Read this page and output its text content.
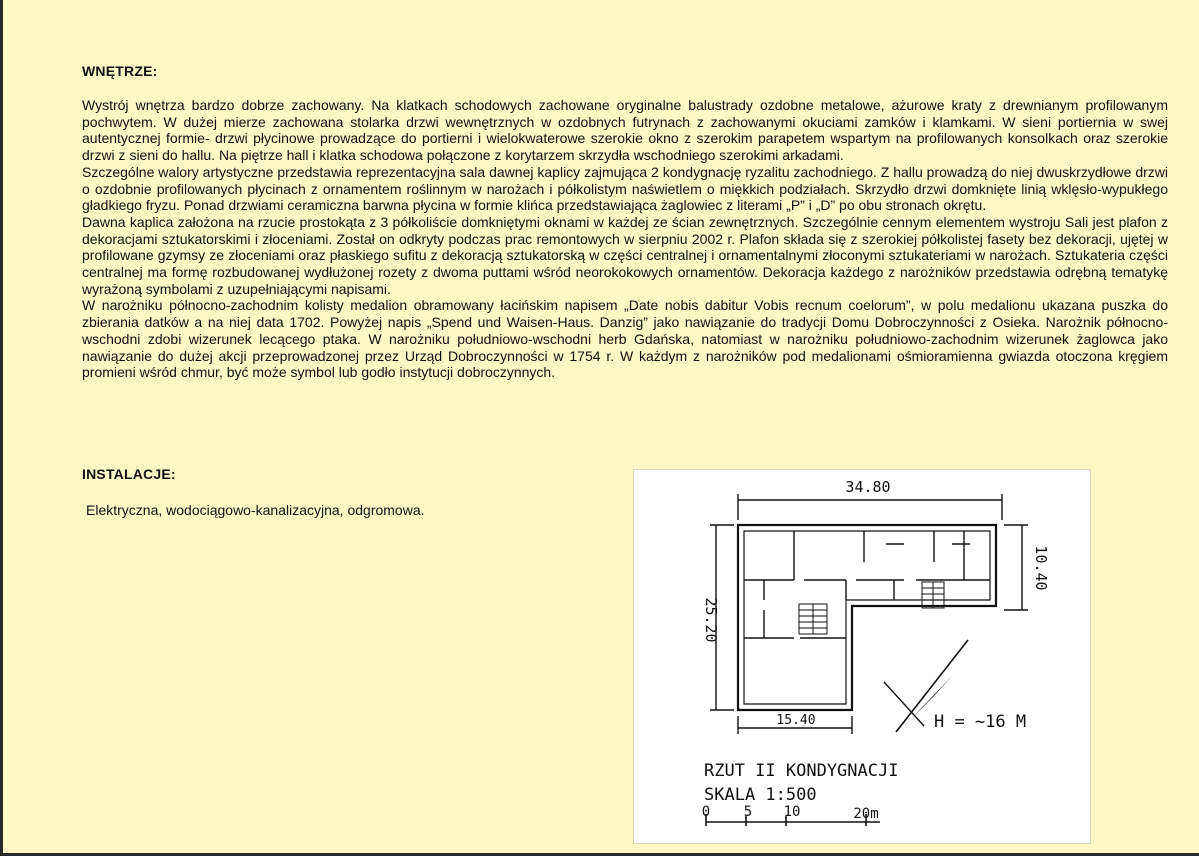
WNĘTRZE:

Wystrój wnętrza bardzo dobrze zachowany. Na klatkach schodowych zachowane oryginalne balustrady ozdobne metalowe, ażurowe kraty z drewnianym profilowanym pochwytem. W dużej mierze zachowana stolarka drzwi wewnętrznych w ozdobnych futrynach z zachowanymi okuciami zamków i klamkami. W sieni portiernia w swej autentycznej formie- drzwi płycinowe prowadzące do portierni i wielokwaterowe szerokie okno z szerokim parapetem wspartym na profilowanych konsolkach oraz szerokie drzwi z sieni do hallu. Na piętrze hall i klatka schodowa połączone z korytarzem skrzydła wschodniego szerokimi arkadami.

Szczególne walory artystyczne przedstawia reprezentacyjna sala dawnej kaplicy zajmująca 2 kondygnację ryzalitu zachodniego. Z hallu prowadzą do niej dwuskrzydłowe drzwi o ozdobnie profilowanych płycinach z ornamentem roślinnym w narożach i półkolistym naświetlem o miękkich podziałach. Skrzydło drzwi domknięte linią wklęsło-wypukłego gładkiego fryzu. Ponad drzwiami ceramiczna barwna płycina w formie klińca przedstawiająca żaglowiec z literami „P” i „D” po obu stronach okrętu.

Dawna kaplica założona na rzucie prostokąta z 3 półkoliście domkniętymi oknami w każdej ze ścian zewnętrznych. Szczególnie cennym elementem wystroju Sali jest plafon z dekoracjami sztukatorskimi i złoceniami. Został on odkryty podczas prac remontowych w sierpniu 2002 r. Plafon składa się z szerokiej półkolistej fasety bez dekoracji, ujętej w profilowane gzymsy ze złoceniami oraz płaskiego sufitu z dekoracją sztukatorską w części centralnej i ornamentalnymi złoconymi sztukateriami w narożach. Sztukateria części centralnej ma formę rozbudowanej wydłużonej rozety z dwoma puttami wśród neorokokowych ornamentów. Dekoracja każdego z narożników przedstawia odrębną tematykę wyrażoną symbolami z uzupełniającymi napisami.

W narożniku północno-zachodnim kolisty medalion obramowany łacińskim napisem „Date nobis dabitur Vobis recnum coelorum”, w polu medalionu ukazana puszka do zbierania datków a na niej data 1702. Powyżej napis „Spend und Waisen-Haus. Danzig” jako nawiązanie do tradycji Domu Dobroczynności z Osieka. Narożnik północno-wschodni zdobi wizerunek lecącego ptaka. W narożniku południowo-wschodni herb Gdańska, natomiast w narożniku południowo-zachodnim wizerunek żaglowca jako nawiązanie do dużej akcji przeprowadzonej przez Urząd Dobroczynności w 1754 r. W każdym z narożników pod medalionami ośmioramienna gwiazda otoczona kręgiem promieni wśród chmur, być może symbol lub godło instytucji dobroczynnych.

INSTALACJE:
Elektryczna, wodociągowo-kanalizacyjna, odgromowa.
34.80
10.40
25.20
15.40	H = ~16 M
RZUT II KONDYGNACJI
SKALA 1:500
0 5 10	20m
